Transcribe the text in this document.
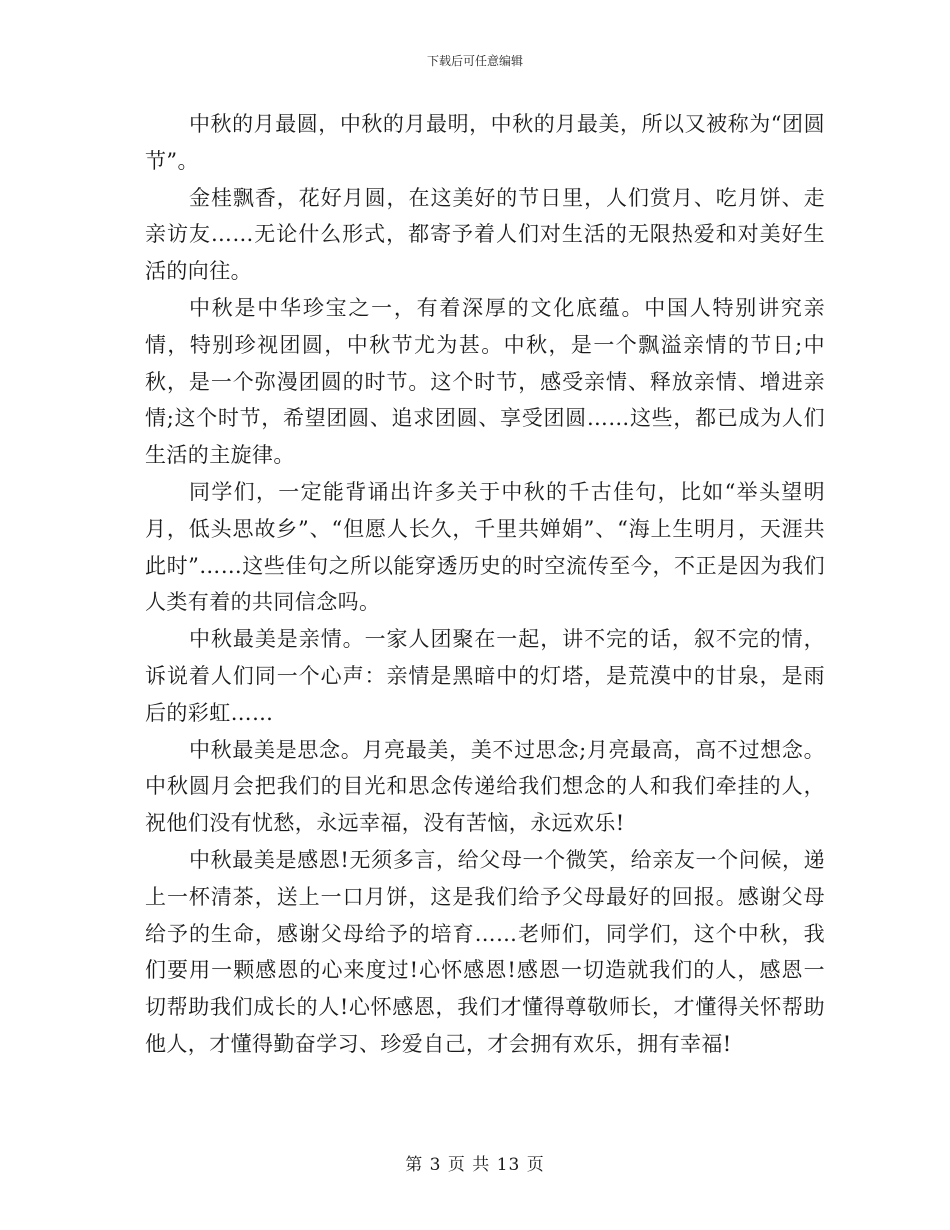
下载后可任意编辑

中秋的月最圆，中秋的月最明，中秋的月最美，所以又被称为“团圆节”。

金桂飘香，花好月圆，在这美好的节日里，人们赏月、吃月饼、走亲访友……无论什么形式，都寄予着人们对生活的无限热爱和对美好生活的向往。

中秋是中华珍宝之一，有着深厚的文化底蕴。中国人特别讲究亲情，特别珍视团圆，中秋节尤为甚。中秋，是一个飘溢亲情的节日;中秋，是一个弥漫团圆的时节。这个时节，感受亲情、释放亲情、增进亲情;这个时节，希望团圆、追求团圆、享受团圆……这些，都已成为人们生活的主旋律。

同学们，一定能背诵出许多关于中秋的千古佳句，比如“举头望明月，低头思故乡”、“但愿人长久，千里共婵娟”、“海上生明月，天涯共此时”……这些佳句之所以能穿透历史的时空流传至今，不正是因为我们人类有着的共同信念吗。

中秋最美是亲情。一家人团聚在一起，讲不完的话，叙不完的情，诉说着人们同一个心声：亲情是黑暗中的灯塔，是荒漠中的甘泉，是雨后的彩虹……

中秋最美是思念。月亮最美，美不过思念;月亮最高，高不过想念。中秋圆月会把我们的目光和思念传递给我们想念的人和我们牵挂的人，祝他们没有忧愁，永远幸福，没有苦恼，永远欢乐!

中秋最美是感恩!无须多言，给父母一个微笑，给亲友一个问候，递上一杯清茶，送上一口月饼，这是我们给予父母最好的回报。感谢父母给予的生命，感谢父母给予的培育……老师们，同学们，这个中秋，我们要用一颗感恩的心来度过!心怀感恩!感恩一切造就我们的人，感恩一切帮助我们成长的人!心怀感恩，我们才懂得尊敬师长，才懂得关怀帮助他人，才懂得勤奋学习、珍爱自己，才会拥有欢乐，拥有幸福!

第 3 页 共 13 页
